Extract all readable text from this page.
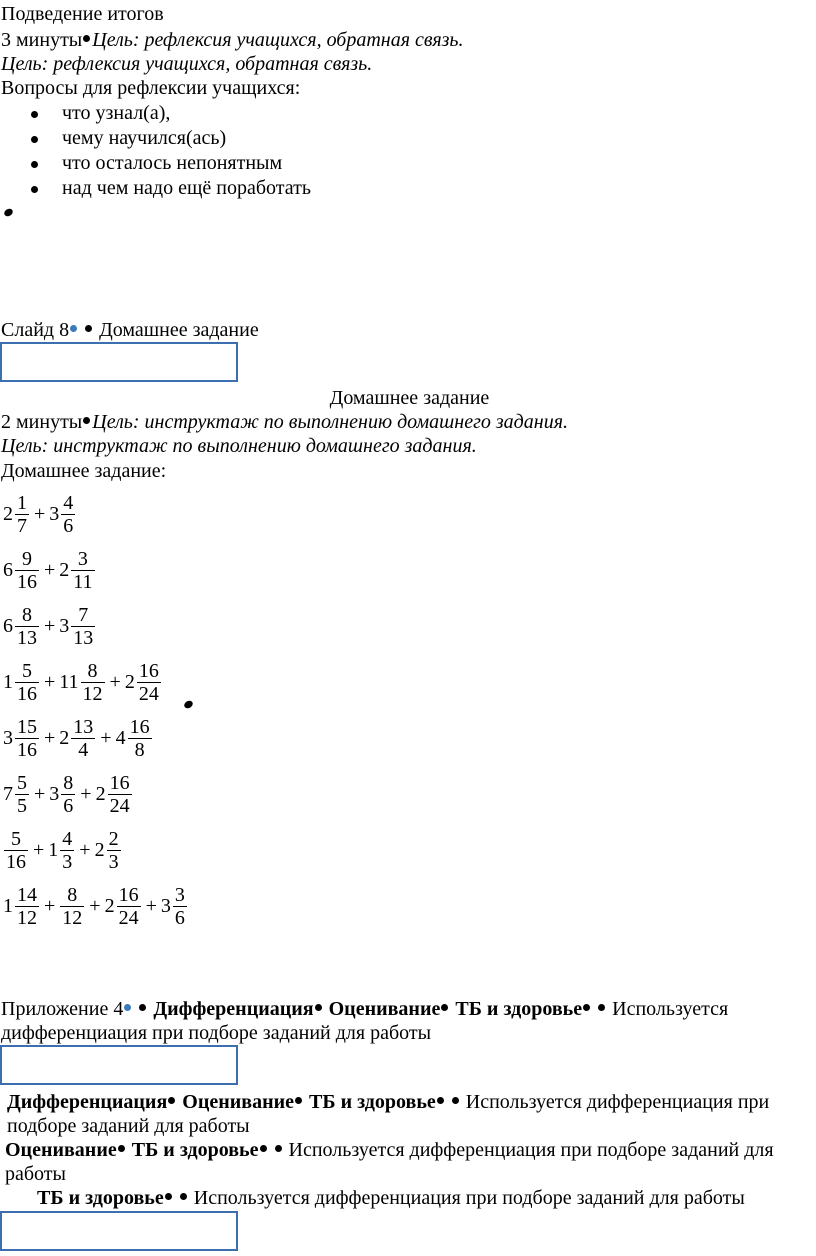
Подведение итогов
3 минуты Цель: рефлексия учащихся, обратная связь.
Цель: рефлексия учащихся, обратная связь.
Вопросы для рефлексии учащихся:
что узнал(а),
чему научился(ась)
что осталось непонятным
над чем надо ещё поработать
Слайд 8 Домашнее задание
Домашнее задание
2 минуты Цель: инструктаж по выполнению домашнего задания.
Цель: инструктаж по выполнению домашнего задания.
Домашнее задание:
$2 \frac{1}{7} + 3 \frac{4}{6}$
$6 \frac{9}{16} + 2 \frac{3}{11}$
$6 \frac{8}{13} + 3 \frac{7}{13}$
$1 \frac{5}{16} + 11 \frac{8}{12} + 2 \frac{16}{24}$
$3 \frac{15}{16} + 2 \frac{13}{4} + 4 \frac{16}{8}$
$7 \frac{5}{5} + 3 \frac{8}{6} + 2 \frac{16}{24}$
$\frac{5}{16} + 1 \frac{4}{3} + 2 \frac{2}{3}$
$1 \frac{14}{12} + \frac{8}{12} + 2 \frac{16}{24} + 3 \frac{3}{6}$
Приложение 4 Дифференциация Оценивание ТБ и здоровье Используется дифференциация при подборе заданий для работы
Дифференциация Оценивание ТБ и здоровье Используется дифференциация при подборе заданий для работы
Оценивание ТБ и здоровье Используется дифференциация при подборе заданий для работы
ТБ и здоровье Используется дифференциация при подборе заданий для работы
